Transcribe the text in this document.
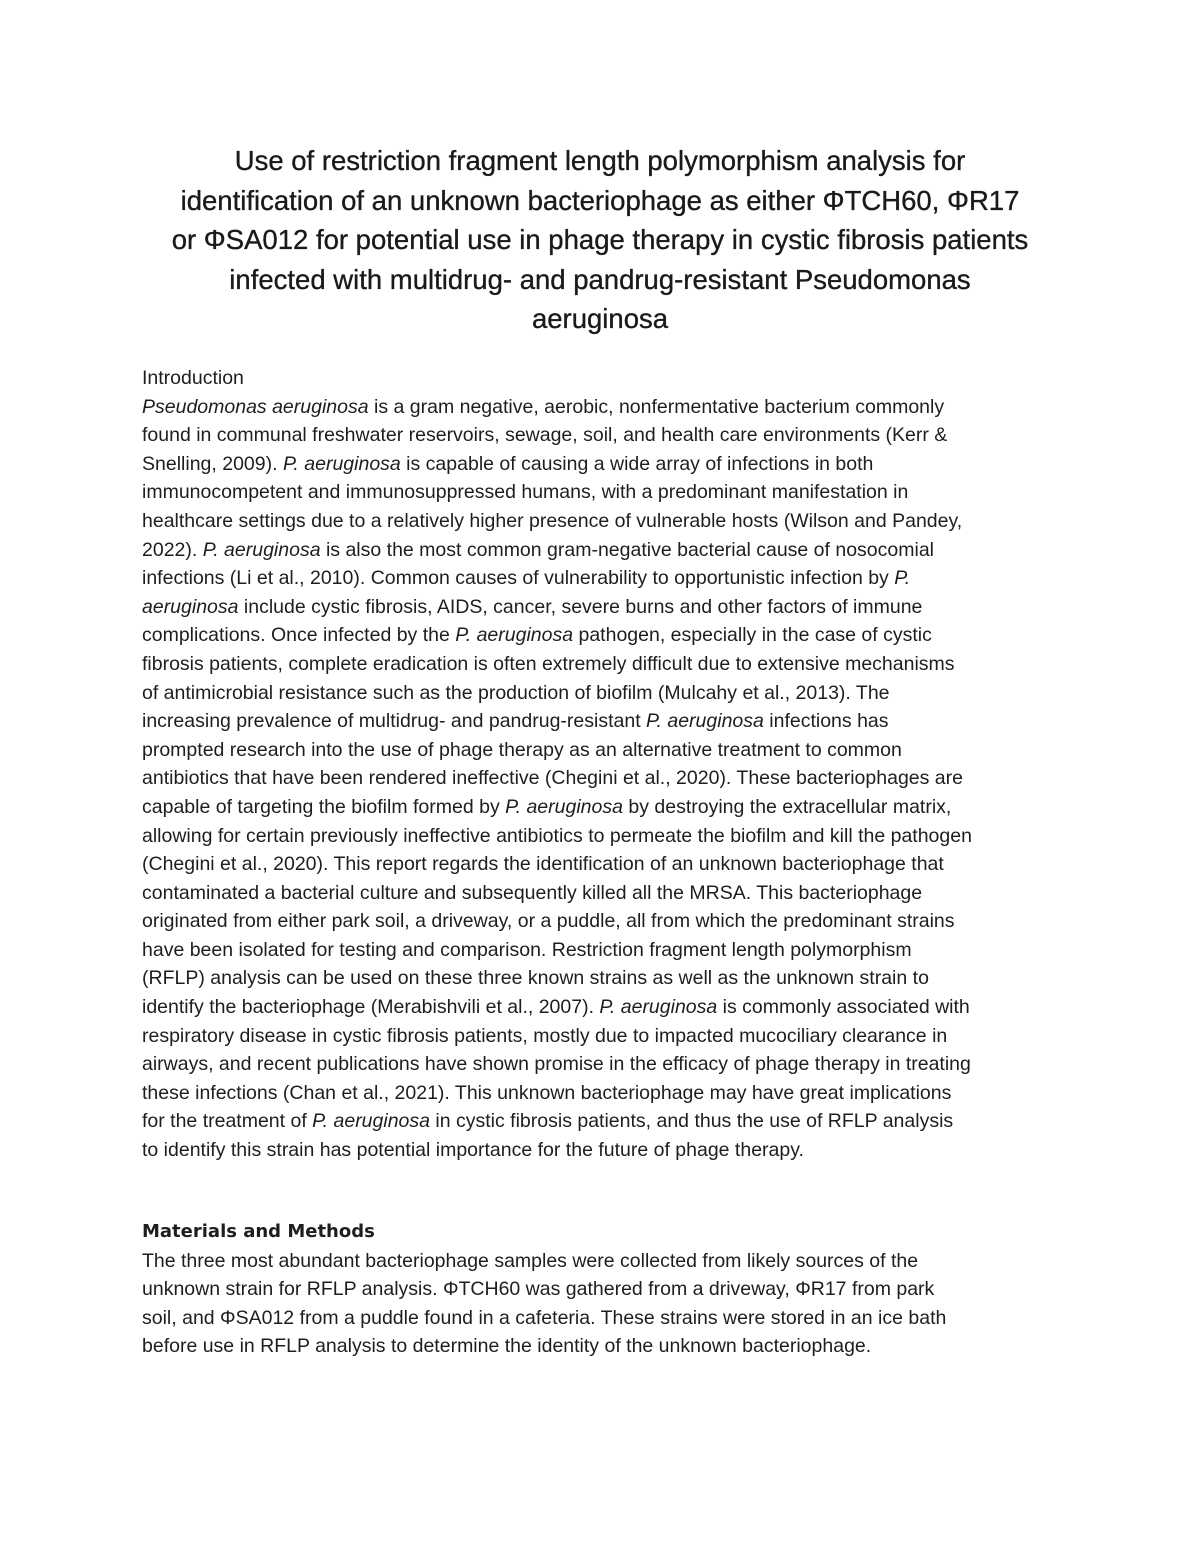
Use of restriction fragment length polymorphism analysis for
identification of an unknown bacteriophage as either ΦTCH60, ΦR17
or ΦSA012 for potential use in phage therapy in cystic fibrosis patients
infected with multidrug- and pandrug-resistant Pseudomonas
aeruginosa
Introduction
Pseudomonas aeruginosa is a gram negative, aerobic, nonfermentative bacterium commonly
found in communal freshwater reservoirs, sewage, soil, and health care environments (Kerr &
Snelling, 2009). P. aeruginosa is capable of causing a wide array of infections in both
immunocompetent and immunosuppressed humans, with a predominant manifestation in
healthcare settings due to a relatively higher presence of vulnerable hosts (Wilson and Pandey,
2022). P. aeruginosa is also the most common gram-negative bacterial cause of nosocomial
infections (Li et al., 2010). Common causes of vulnerability to opportunistic infection by P.
aeruginosa include cystic fibrosis, AIDS, cancer, severe burns and other factors of immune
complications. Once infected by the P. aeruginosa pathogen, especially in the case of cystic
fibrosis patients, complete eradication is often extremely difficult due to extensive mechanisms
of antimicrobial resistance such as the production of biofilm (Mulcahy et al., 2013). The
increasing prevalence of multidrug- and pandrug-resistant P. aeruginosa infections has
prompted research into the use of phage therapy as an alternative treatment to common
antibiotics that have been rendered ineffective (Chegini et al., 2020). These bacteriophages are
capable of targeting the biofilm formed by P. aeruginosa by destroying the extracellular matrix,
allowing for certain previously ineffective antibiotics to permeate the biofilm and kill the pathogen
(Chegini et al., 2020). This report regards the identification of an unknown bacteriophage that
contaminated a bacterial culture and subsequently killed all the MRSA. This bacteriophage
originated from either park soil, a driveway, or a puddle, all from which the predominant strains
have been isolated for testing and comparison. Restriction fragment length polymorphism
(RFLP) analysis can be used on these three known strains as well as the unknown strain to
identify the bacteriophage (Merabishvili et al., 2007). P. aeruginosa is commonly associated with
respiratory disease in cystic fibrosis patients, mostly due to impacted mucociliary clearance in
airways, and recent publications have shown promise in the efficacy of phage therapy in treating
these infections (Chan et al., 2021). This unknown bacteriophage may have great implications
for the treatment of P. aeruginosa in cystic fibrosis patients, and thus the use of RFLP analysis
to identify this strain has potential importance for the future of phage therapy.
Materials and Methods
The three most abundant bacteriophage samples were collected from likely sources of the
unknown strain for RFLP analysis. ΦTCH60 was gathered from a driveway, ΦR17 from park
soil, and ΦSA012 from a puddle found in a cafeteria. These strains were stored in an ice bath
before use in RFLP analysis to determine the identity of the unknown bacteriophage.
